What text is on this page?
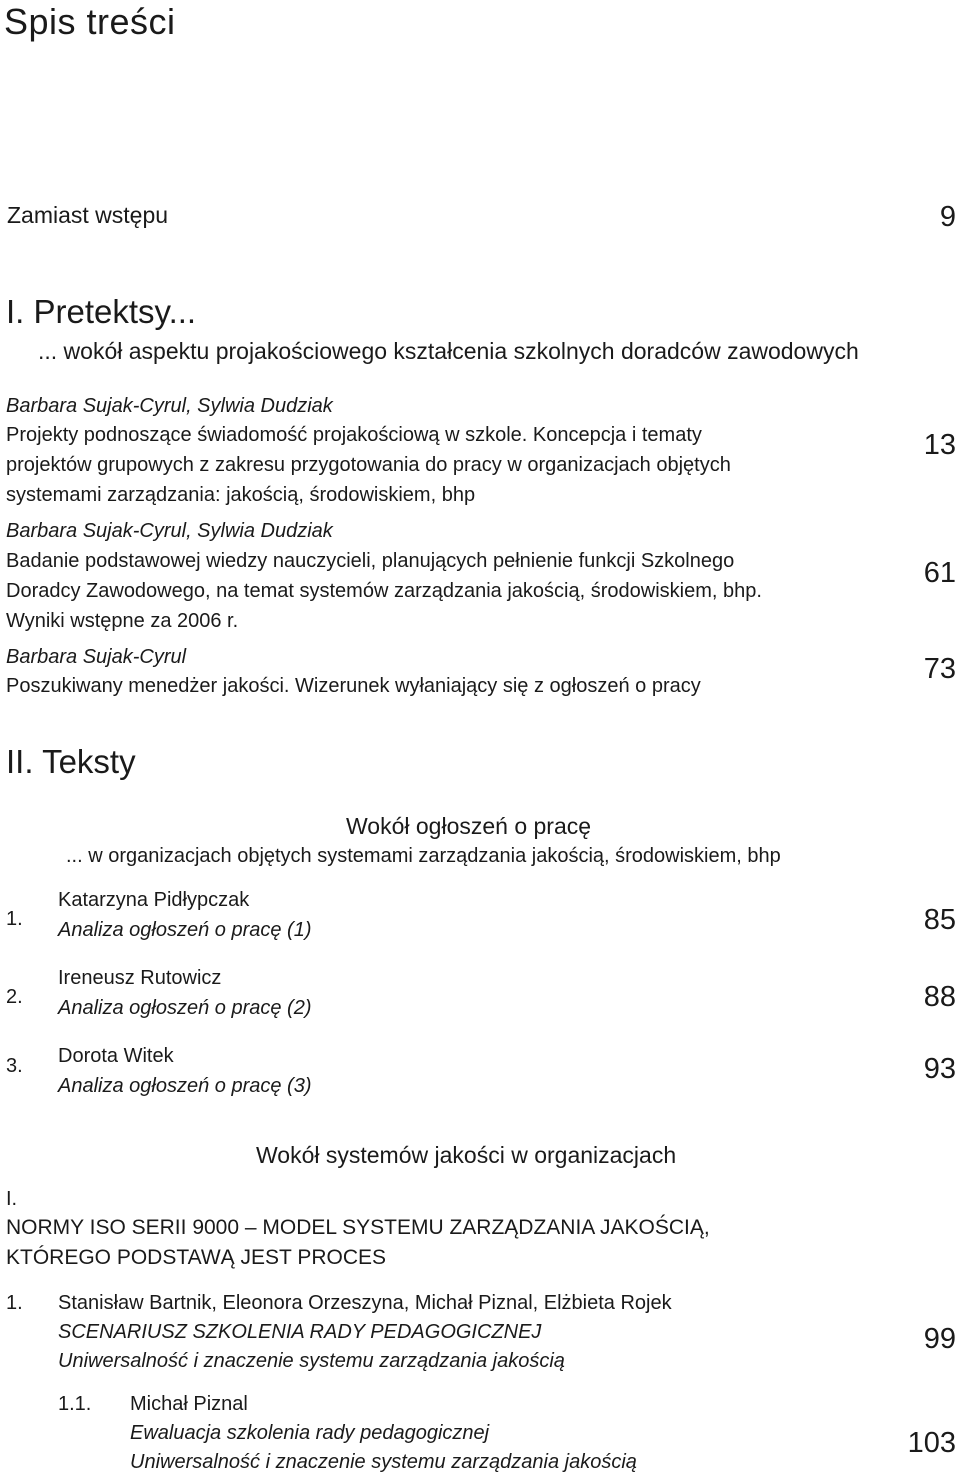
Spis treści
Zamiast wstępu	9
I. Pretektsy...
... wokół aspektu projakościowego kształcenia szkolnych doradców zawodowych
Barbara Sujak-Cyrul, Sylwia Dudziak
Projekty podnoszące świadomość projakościową w szkole. Koncepcja i tematy
projektów grupowych z zakresu przygotowania do pracy w organizacjach objętych
systemami zarządzania: jakością, środowiskiem, bhp
13
Barbara Sujak-Cyrul, Sylwia Dudziak
Badanie podstawowej wiedzy nauczycieli, planujących pełnienie funkcji Szkolnego
Doradcy Zawodowego, na temat systemów zarządzania jakością, środowiskiem, bhp.
Wyniki wstępne za 2006 r.
61
Barbara Sujak-Cyrul
Poszukiwany menedżer jakości. Wizerunek wyłaniający się z ogłoszeń o pracy
73
II. Teksty
Wokół ogłoszeń o pracę
... w organizacjach objętych systemami zarządzania jakością, środowiskiem, bhp
1.
Katarzyna Pidłypczak
Analiza ogłoszeń o pracę (1)	85
2.
Ireneusz Rutowicz
Analiza ogłoszeń o pracę (2)	88
3. Dorota Witek
Analiza ogłoszeń o pracę (3)
93
Wokół systemów jakości w organizacjach
I.
NORMY ISO SERII 9000 – MODEL SYSTEMU ZARZĄDZANIA JAKOŚCIĄ,
KTÓREGO PODSTAWĄ JEST PROCES
1. Stanisław Bartnik, Eleonora Orzeszyna, Michał Piznal, Elżbieta Rojek
SCENARIUSZ SZKOLENIA RADY PEDAGOGICZNEJ
Uniwersalność i znaczenie systemu zarządzania jakością
99
1.1. Michał Piznal
Ewaluacja szkolenia rady pedagogicznej
Uniwersalność i znaczenie systemu zarządzania jakością
103
